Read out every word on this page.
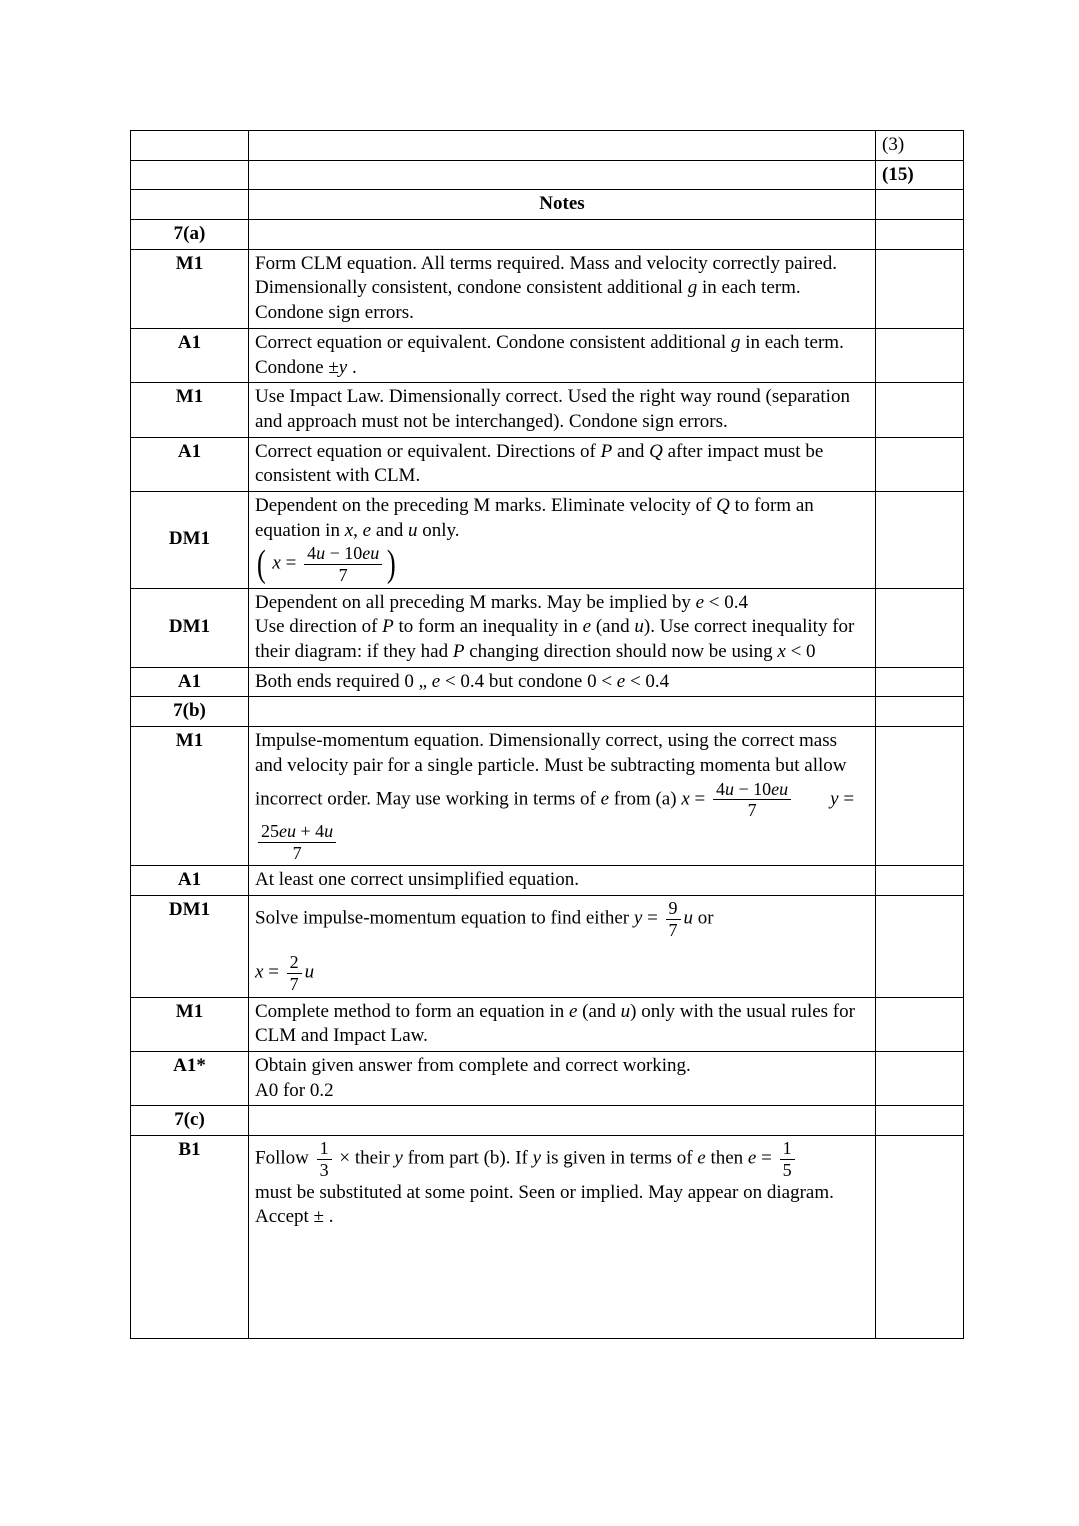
		(3)
		(15)
	Notes	
7(a)		
M1	Form CLM equation. All terms required. Mass and velocity correctly paired. Dimensionally consistent, condone consistent additional g in each term. Condone sign errors.	
A1	Correct equation or equivalent. Condone consistent additional g in each term. Condone ±y .	
M1	Use Impact Law. Dimensionally correct. Used the right way round (separation and approach must not be interchanged). Condone sign errors.	
A1	Correct equation or equivalent. Directions of P and Q after impact must be consistent with CLM.	
DM1	Dependent on the preceding M marks. Eliminate velocity of Q to form an equation in x, e and u only.
( $x = \frac{4u - 10eu}{7}$ )	
DM1	Dependent on all preceding M marks. May be implied by e < 0.4
Use direction of P to form an inequality in e (and u). Use correct inequality for their diagram: if they had P changing direction should now be using x < 0	
A1	Both ends required 0 „ e < 0.4 but condone 0 < e < 0.4	
7(b)		
M1	Impulse-momentum equation. Dimensionally correct, using the correct mass and velocity pair for a single particle. Must be subtracting momenta but allow incorrect order. May use working in terms of e from (a) $x = \frac{4u - 10eu}{7}$ y =
$\frac{25eu + 4u}{7}$

A1	At least one correct unsimplified equation.	
DM1	Solve impulse-momentum equation to find either $y = \frac{9}{7}$ u or

$x = \frac{2}{7}$ u	
M1	Complete method to form an equation in e (and u) only with the usual rules for CLM and Impact Law.	
A1*	Obtain given answer from complete and correct working.
A0 for 0.2	
7(c)		
B1	Follow $\frac{1}{3}$ × their y from part (b). If y is given in terms of e then $e = \frac{1}{5}$

must be substituted at some point. Seen or implied. May appear on diagram. Accept ± .	
